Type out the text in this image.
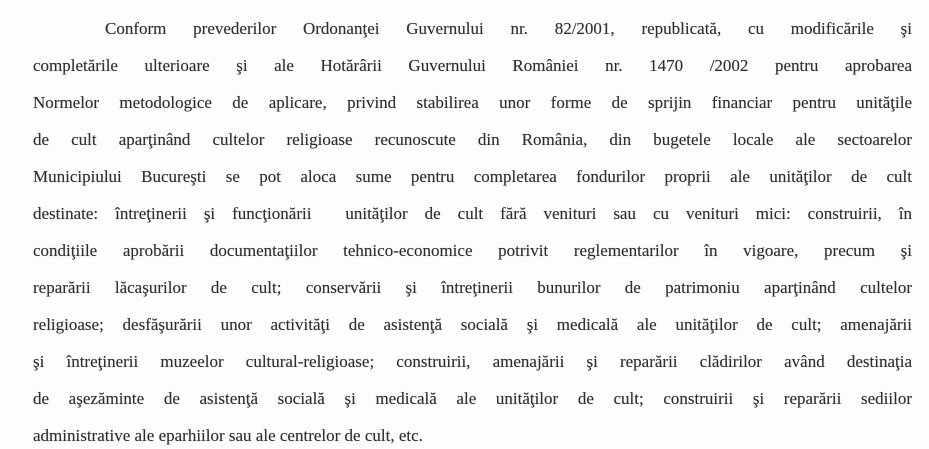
Conform prevederilor Ordonanţei Guvernului nr. 82/2001, republicată, cu modificările şi
completările ulterioare şi ale Hotărârii Guvernului României nr. 1470 /2002 pentru aprobarea
Normelor metodologice de aplicare, privind stabilirea unor forme de sprijin financiar pentru unităţile
de cult aparţinând cultelor religioase recunoscute din România, din bugetele locale ale sectoarelor
Municipiului Bucureşti se pot aloca sume pentru completarea fondurilor proprii ale unităţilor de cult
destinate: întreţinerii şi funcţionării  unităţilor de cult fără venituri sau cu venituri mici: construirii, în
condiţiile aprobării documentaţiilor tehnico-economice potrivit reglementarilor în vigoare, precum şi
reparării lăcaşurilor de cult; conservării şi întreţinerii bunurilor de patrimoniu aparţinând cultelor
religioase; desfăşurării unor activităţi de asistenţă socială şi medicală ale unităţilor de cult; amenajării
şi întreţinerii muzeelor cultural-religioase; construirii, amenajării şi reparării clădirilor având destinaţia
de aşezăminte de asistenţă socială şi medicală ale unităţilor de cult; construirii şi reparării sediilor
administrative ale eparhiilor sau ale centrelor de cult, etc.
